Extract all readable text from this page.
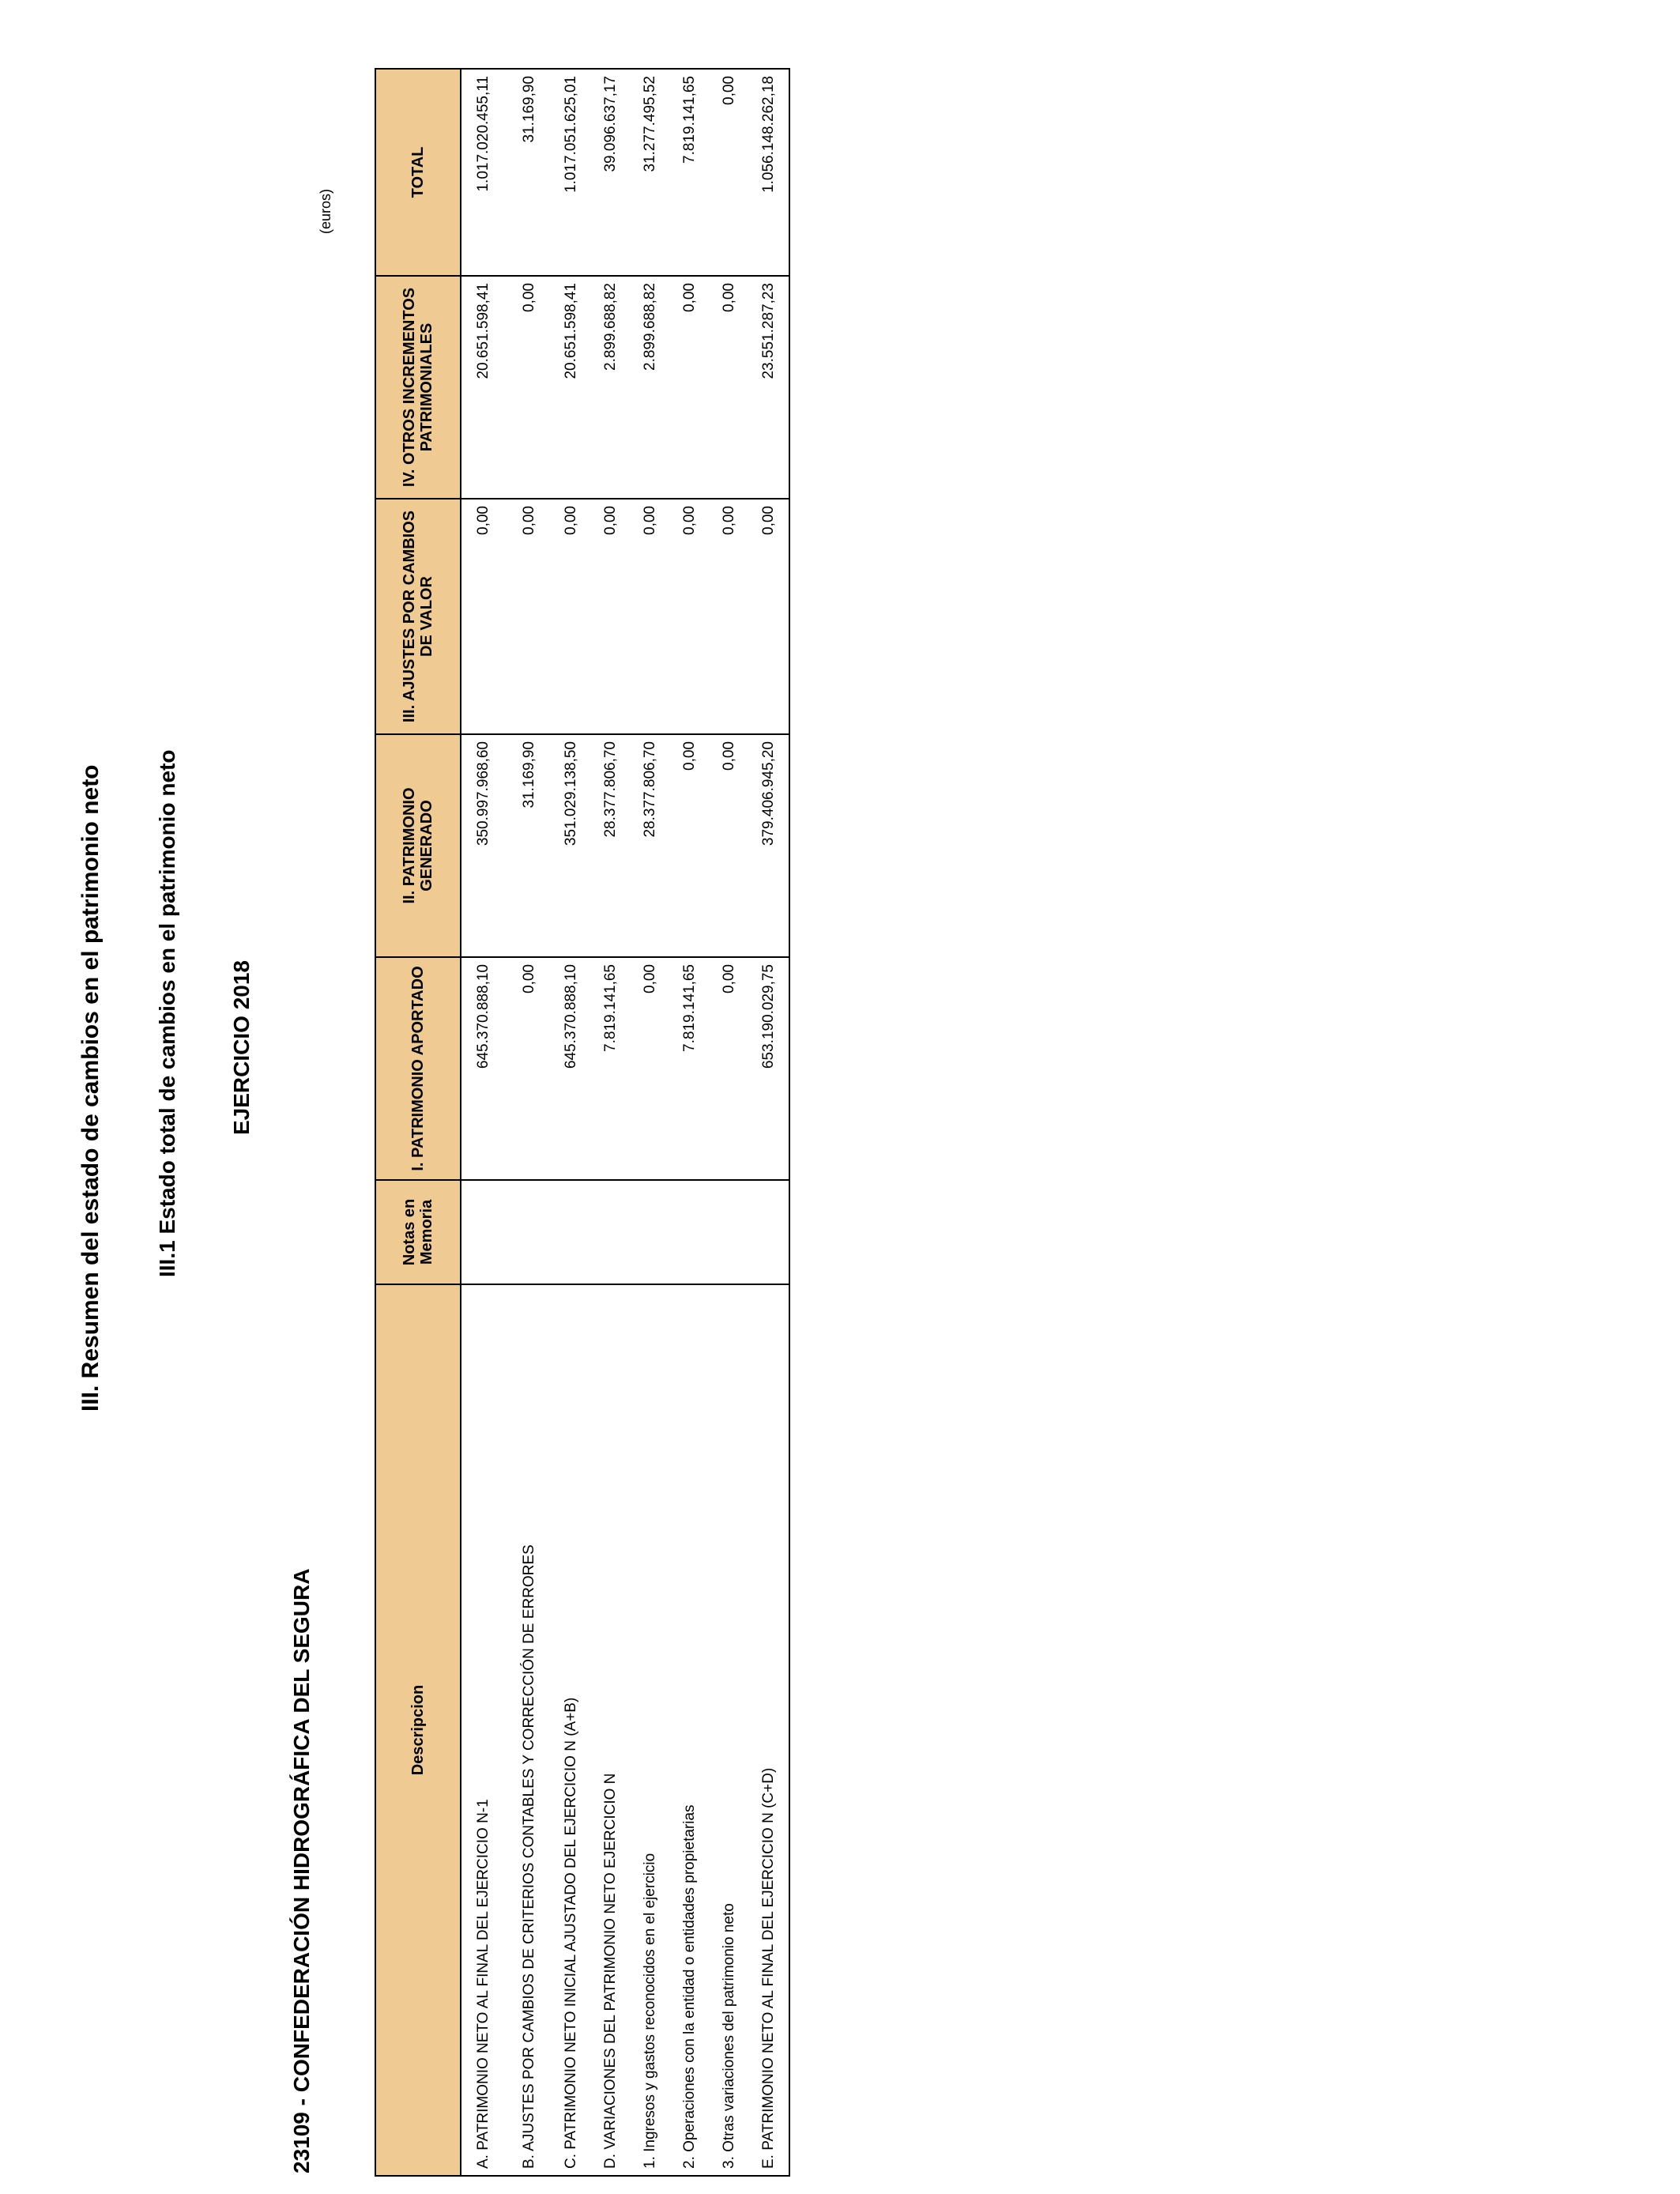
III. Resumen del estado de cambios en el patrimonio neto III.1 Estado total de cambios en el patrimonio neto EJERCICIO 2018
23109 - CONFEDERACIÓN HIDROGRÁFICA DEL SEGURA
(euros)
Descripcion	Notas en Memoria	I. PATRIMONIO APORTADO	II. PATRIMONIO GENERADO	III. AJUSTES POR CAMBIOS DE VALOR	IV. OTROS INCREMENTOS PATRIMONIALES	TOTAL
A. PATRIMONIO NETO AL FINAL DEL EJERCICIO N-1		645.370.888,10	350.997.968,60	0,00	20.651.598,41	1.017.020.455,11
B. AJUSTES POR CAMBIOS DE CRITERIOS CONTABLES Y CORRECCIÓN DE ERRORES		0,00	31.169,90	0,00	0,00	31.169,90
C. PATRIMONIO NETO INICIAL AJUSTADO DEL EJERCICIO N (A+B)		645.370.888,10	351.029.138,50	0,00	20.651.598,41	1.017.051.625,01
D. VARIACIONES DEL PATRIMONIO NETO EJERCICIO N		7.819.141,65	28.377.806,70	0,00	2.899.688,82	39.096.637,17
1. Ingresos y gastos reconocidos en el ejercicio		0,00	28.377.806,70	0,00	2.899.688,82	31.277.495,52
2. Operaciones con la entidad o entidades propietarias		7.819.141,65	0,00	0,00	0,00	7.819.141,65
3. Otras variaciones del patrimonio neto		0,00	0,00	0,00	0,00	0,00
E. PATRIMONIO NETO AL FINAL DEL EJERCICIO N (C+D)		653.190.029,75	379.406.945,20	0,00	23.551.287,23	1.056.148.262,18
